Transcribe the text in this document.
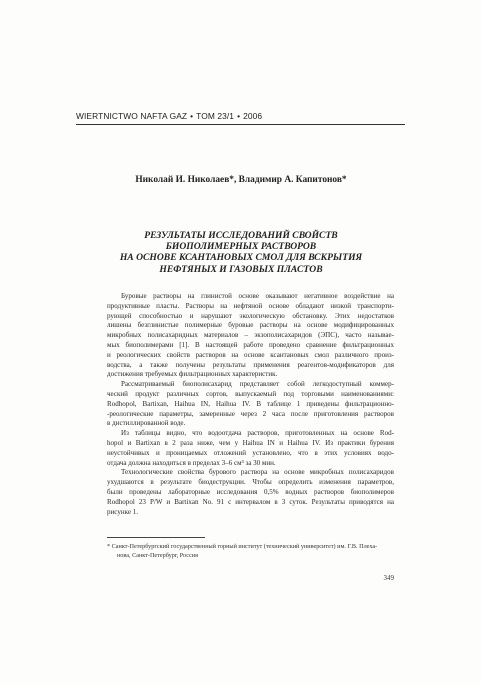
WIERTNICTWO NAFTA GAZ • TOM 23/1 • 2006
Николай И. Николаев*, Владимир А. Капитонов*
РЕЗУЛЬТАТЫ ИССЛЕДОВАНИЙ СВОЙСТВ
БИОПОЛИМЕРНЫХ РАСТВОРОВ
НА ОСНОВЕ КСАНТАНОВЫХ СМОЛ ДЛЯ ВСКРЫТИЯ
НЕФТЯНЫХ И ГАЗОВЫХ ПЛАСТОВ

Буровые растворы на глинистой основе оказывают негативное воздействие на
продуктивные пласты. Растворы на нефтяной основе обладают низкой транспорти-
рующей способностью и нарушают экологическую обстановку. Этих недостатков
лишены безглинистые полимерные буровые растворы на основе модифицированных
микробных полисахаридных материалов – экзополисахаридов (ЭПС), часто называе-
мых биополимерами [1]. В настоящей работе проведено сравнение фильтрационных
и реологических свойств растворов на основе ксантановых смол различного произ-
водства, а также получены результаты применения реагентов-модификаторов для
достижения требуемых фильтрационных характеристик.

Рассматриваемый биополисахарид представляет собой легкодоступный коммер-
ческий продукт различных сортов, выпускаемый под торговыми наименованиями:
Rodhopol, Bartixan, Haihua IN, Haihua IV. В таблице 1 приведены фильтрационно-
-реологические параметры, замеренные через 2 часа после приготовления растворов
в дистиллированной воде.

Из таблицы видно, что водоотдача растворов, приготовленных на основе Rod-
hopol и Bartixan в 2 раза ниже, чем у Haihua IN и Haihua IV. Из практики бурения
неустойчивых и проницаемых отложений установлено, что в этих условиях водо-
отдача должна находиться в пределах 3–6 см³ за 30 мин.

Технологические свойства бурового раствора на основе микробных полисахаридов
ухудшаются в результате биодеструкции. Чтобы определить изменения параметров,
были проведены лабораторные исследования 0,5% водных растворов биополимеров
Rodhopol 23 P/W и Bartixan No. 91 с интервалом в 3 суток. Результаты приводятся на
рисунке 1.

* Санкт-Петербургский государственный горный институт (технический университет) им. Г.В. Плеха-
нова, Санкт-Петербург, Россия
349
